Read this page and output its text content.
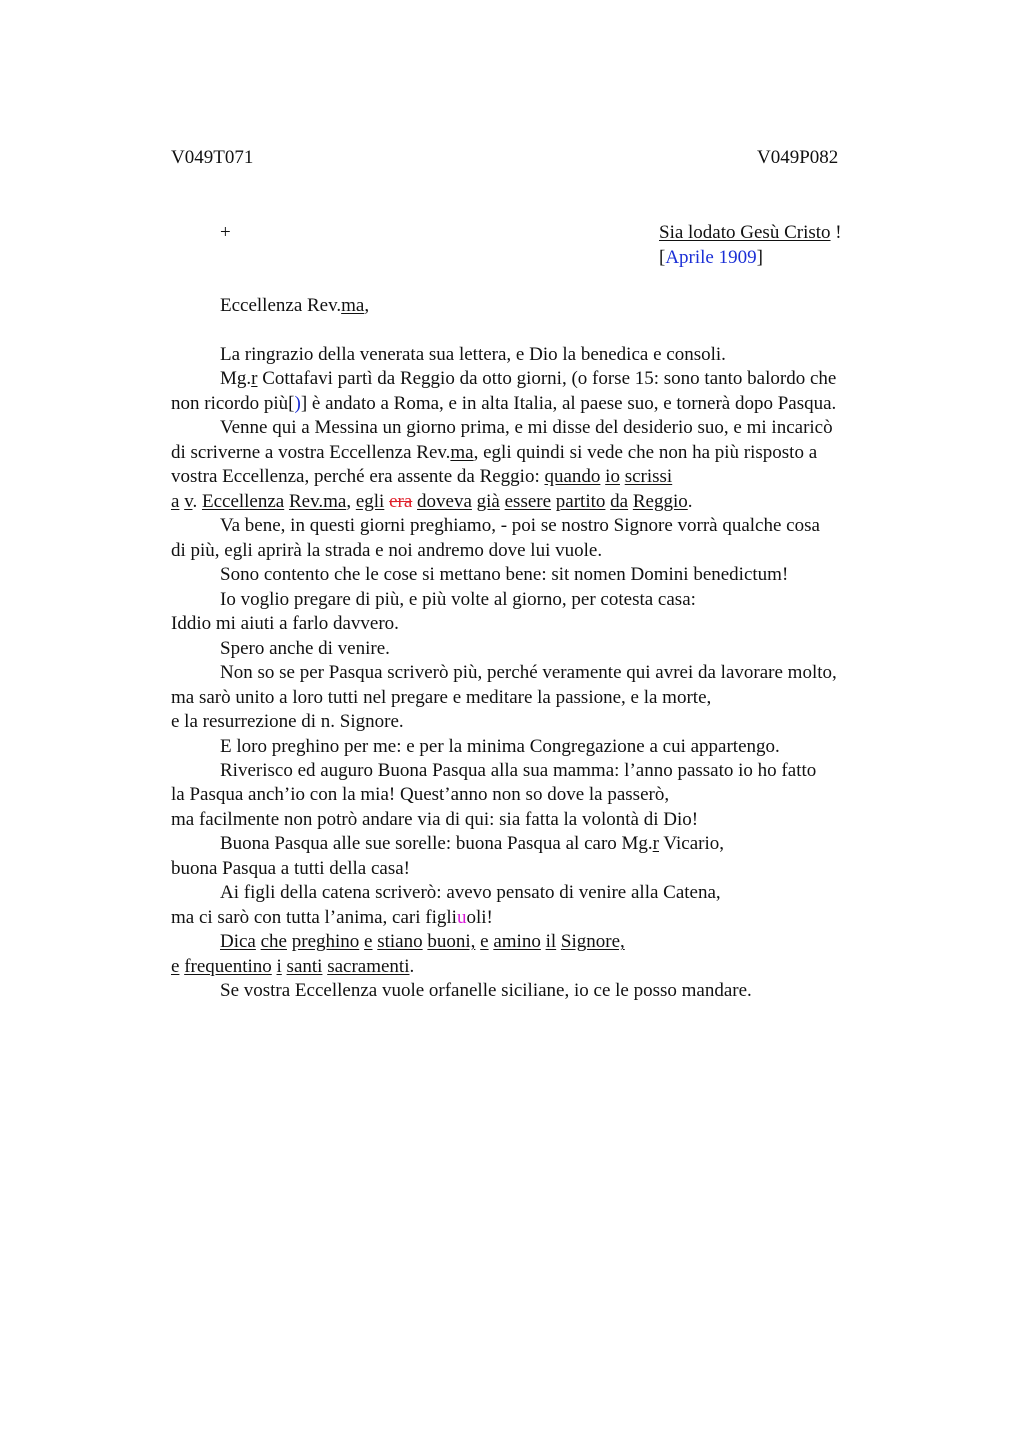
V049T071	V049P082
+	Sia lodato Gesù Cristo !
[Aprile 1909]
Eccellenza Rev.ma,
La ringrazio della venerata sua lettera, e Dio la benedica e consoli.
Mg.r Cottafavi partì da Reggio da otto giorni, (o forse 15: sono tanto balordo che
non ricordo più[)] è andato a Roma, e in alta Italia, al paese suo, e tornerà dopo Pasqua.
Venne qui a Messina un giorno prima, e mi disse del desiderio suo, e mi incaricò
di scriverne a vostra Eccellenza Rev.ma, egli quindi si vede che non ha più risposto a
vostra Eccellenza, perché era assente da Reggio: quando io scrissi
a v. Eccellenza Rev.ma, egli era doveva già essere partito da Reggio.
Va bene, in questi giorni preghiamo, - poi se nostro Signore vorrà qualche cosa
di più, egli aprirà la strada e noi andremo dove lui vuole.
Sono contento che le cose si mettano bene: sit nomen Domini benedictum!
Io voglio pregare di più, e più volte al giorno, per cotesta casa:
Iddio mi aiuti a farlo davvero.
Spero anche di venire.
Non so se per Pasqua scriverò più, perché veramente qui avrei da lavorare molto,
ma sarò unito a loro tutti nel pregare e meditare la passione, e la morte,
e la resurrezione di n. Signore.
E loro preghino per me: e per la minima Congregazione a cui appartengo.
Riverisco ed auguro Buona Pasqua alla sua mamma: l’anno passato io ho fatto
la Pasqua anch’io con la mia! Quest’anno non so dove la passerò,
ma facilmente non potrò andare via di qui: sia fatta la volontà di Dio!
Buona Pasqua alle sue sorelle: buona Pasqua al caro Mg.r Vicario,
buona Pasqua a tutti della casa!
Ai figli della catena scriverò: avevo pensato di venire alla Catena,
ma ci sarò con tutta l’anima, cari figliuoli!
Dica che preghino e stiano buoni, e amino il Signore,
e frequentino i santi sacramenti.
Se vostra Eccellenza vuole orfanelle siciliane, io ce le posso mandare.
